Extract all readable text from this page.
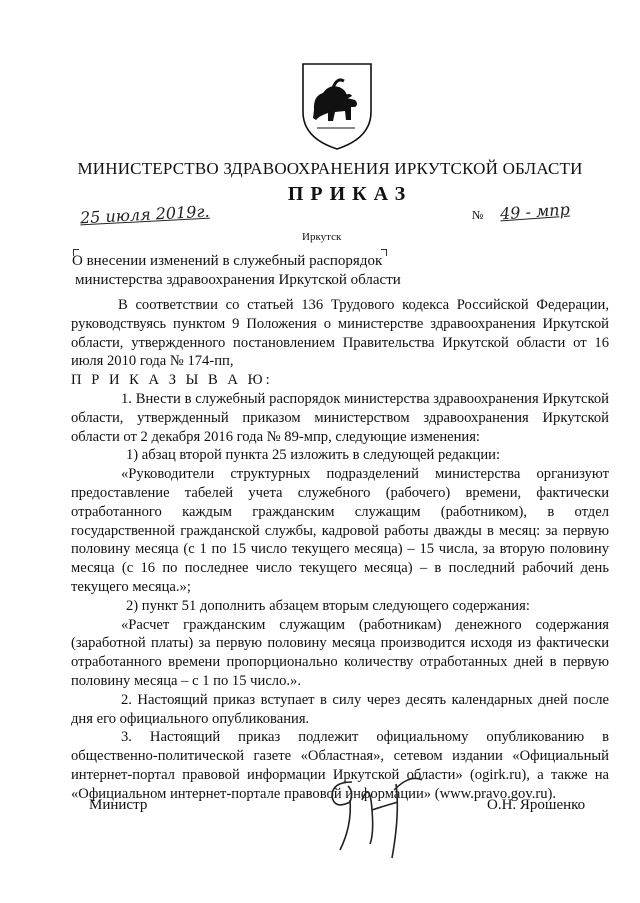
МИНИСТЕРСТВО ЗДРАВООХРАНЕНИЯ ИРКУТСКОЙ ОБЛАСТИ
ПРИКАЗ
25 июля 2019г.	№ 49 - мпр
Иркутск
О внесении изменений в служебный распорядок
министерства здравоохранения Иркутской области

В соответствии со статьей 136 Трудового кодекса Российской Федерации, руководствуясь пунктом 9 Положения о министерстве здравоохранения Иркутской области, утвержденного постановлением Правительства Иркутской области от 16 июля 2010 года № 174-пп,

П Р И К А З Ы В А Ю:

1. Внести в служебный распорядок министерства здравоохранения Иркутской области, утвержденный приказом министерством здравоохранения Иркутской области от 2 декабря 2016 года № 89-мпр, следующие изменения:

1) абзац второй пункта 25 изложить в следующей редакции:

«Руководители структурных подразделений министерства организуют предоставление табелей учета служебного (рабочего) времени, фактически отработанного каждым гражданским служащим (работником), в отдел государственной гражданской службы, кадровой работы дважды в месяц: за первую половину месяца (с 1 по 15 число текущего месяца) – 15 числа, за вторую половину месяца (с 16 по последнее число текущего месяца) – в последний рабочий день текущего месяца.»;

2) пункт 51 дополнить абзацем вторым следующего содержания:

«Расчет гражданским служащим (работникам) денежного содержания (заработной платы) за первую половину месяца производится исходя из фактически отработанного времени пропорционально количеству отработанных дней в первую половину месяца – с 1 по 15 число.».

2. Настоящий приказ вступает в силу через десять календарных дней после дня его официального опубликования.

3. Настоящий приказ подлежит официальному опубликованию в общественно-политической газете «Областная», сетевом издании «Официальный интернет-портал правовой информации Иркутской области» (ogirk.ru), а также на «Официальном интернет-портале правовой информации» (www.pravo.gov.ru).

Министр	О.Н. Ярошенко
